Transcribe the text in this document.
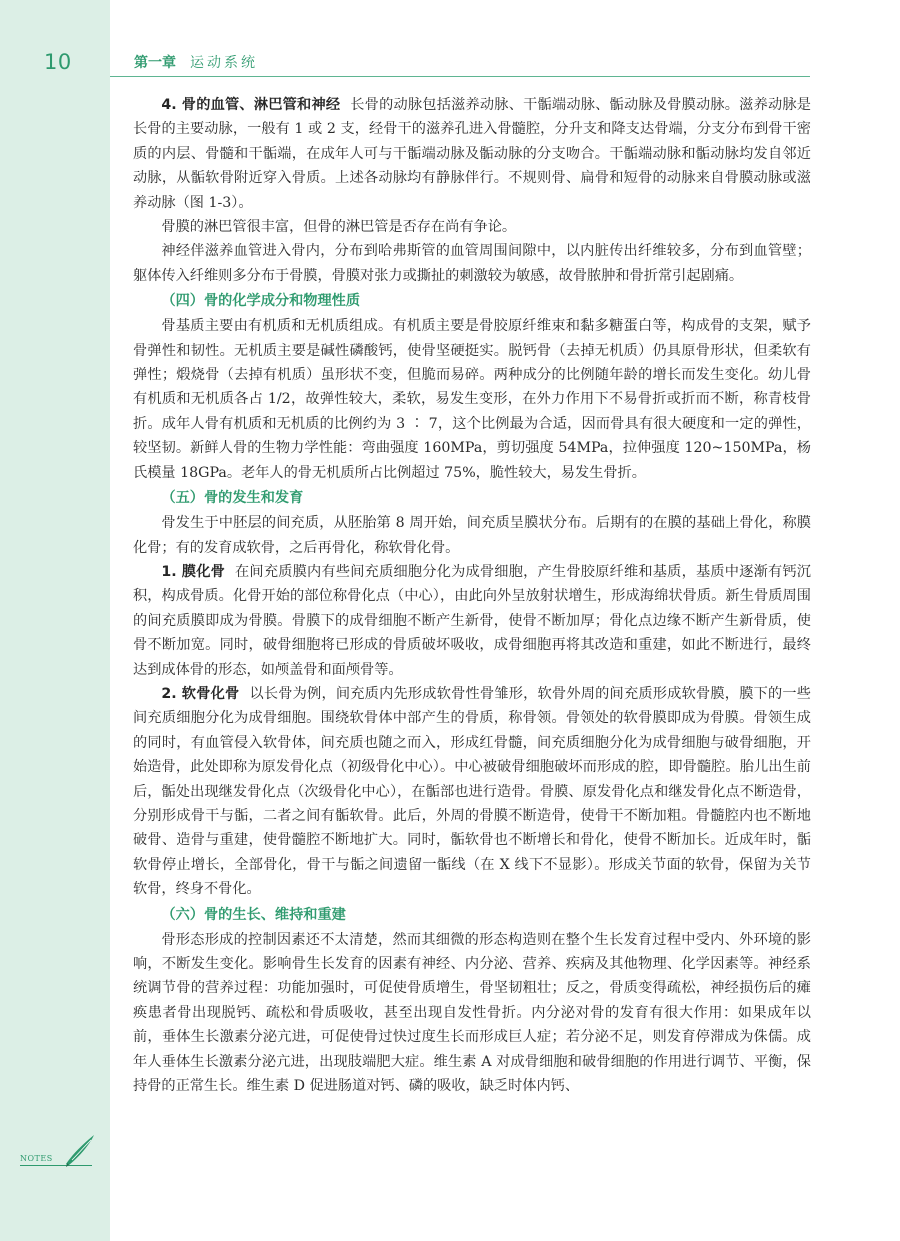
10	第一章 运动系统

4. 骨的血管、淋巴管和神经 长骨的动脉包括滋养动脉、干骺端动脉、骺动脉及骨膜动脉。滋养动脉是长骨的主要动脉，一般有 1 或 2 支，经骨干的滋养孔进入骨髓腔，分升支和降支达骨端，分支分布到骨干密质的内层、骨髓和干骺端，在成年人可与干骺端动脉及骺动脉的分支吻合。干骺端动脉和骺动脉均发自邻近动脉，从骺软骨附近穿入骨质。上述各动脉均有静脉伴行。不规则骨、扁骨和短骨的动脉来自骨膜动脉或滋养动脉（图 1-3）。

骨膜的淋巴管很丰富，但骨的淋巴管是否存在尚有争论。

神经伴滋养血管进入骨内，分布到哈弗斯管的血管周围间隙中，以内脏传出纤维较多，分布到血管壁；躯体传入纤维则多分布于骨膜，骨膜对张力或撕扯的刺激较为敏感，故骨脓肿和骨折常引起剧痛。

（四）骨的化学成分和物理性质

骨基质主要由有机质和无机质组成。有机质主要是骨胶原纤维束和黏多糖蛋白等，构成骨的支架，赋予骨弹性和韧性。无机质主要是碱性磷酸钙，使骨坚硬挺实。脱钙骨（去掉无机质）仍具原骨形状，但柔软有弹性；煅烧骨（去掉有机质）虽形状不变，但脆而易碎。两种成分的比例随年龄的增长而发生变化。幼儿骨有机质和无机质各占 1/2，故弹性较大，柔软，易发生变形，在外力作用下不易骨折或折而不断，称青枝骨折。成年人骨有机质和无机质的比例约为 3 ∶ 7，这个比例最为合适，因而骨具有很大硬度和一定的弹性，较坚韧。新鲜人骨的生物力学性能：弯曲强度 160MPa，剪切强度 54MPa，拉伸强度 120~150MPa，杨氏模量 18GPa。老年人的骨无机质所占比例超过 75%，脆性较大，易发生骨折。

（五）骨的发生和发育

骨发生于中胚层的间充质，从胚胎第 8 周开始，间充质呈膜状分布。后期有的在膜的基础上骨化，称膜化骨；有的发育成软骨，之后再骨化，称软骨化骨。

1. 膜化骨 在间充质膜内有些间充质细胞分化为成骨细胞，产生骨胶原纤维和基质，基质中逐渐有钙沉积，构成骨质。化骨开始的部位称骨化点（中心），由此向外呈放射状增生，形成海绵状骨质。新生骨质周围的间充质膜即成为骨膜。骨膜下的成骨细胞不断产生新骨，使骨不断加厚；骨化点边缘不断产生新骨质，使骨不断加宽。同时，破骨细胞将已形成的骨质破坏吸收，成骨细胞再将其改造和重建，如此不断进行，最终达到成体骨的形态，如颅盖骨和面颅骨等。

2. 软骨化骨 以长骨为例，间充质内先形成软骨性骨雏形，软骨外周的间充质形成软骨膜，膜下的一些间充质细胞分化为成骨细胞。围绕软骨体中部产生的骨质，称骨领。骨领处的软骨膜即成为骨膜。骨领生成的同时，有血管侵入软骨体，间充质也随之而入，形成红骨髓，间充质细胞分化为成骨细胞与破骨细胞，开始造骨，此处即称为原发骨化点（初级骨化中心）。中心被破骨细胞破坏而形成的腔，即骨髓腔。胎儿出生前后，骺处出现继发骨化点（次级骨化中心），在骺部也进行造骨。骨膜、原发骨化点和继发骨化点不断造骨，分别形成骨干与骺，二者之间有骺软骨。此后，外周的骨膜不断造骨，使骨干不断加粗。骨髓腔内也不断地破骨、造骨与重建，使骨髓腔不断地扩大。同时，骺软骨也不断增长和骨化，使骨不断加长。近成年时，骺软骨停止增长，全部骨化，骨干与骺之间遗留一骺线（在 X 线下不显影）。形成关节面的软骨，保留为关节软骨，终身不骨化。

（六）骨的生长、维持和重建

骨形态形成的控制因素还不太清楚，然而其细微的形态构造则在整个生长发育过程中受内、外环境的影响，不断发生变化。影响骨生长发育的因素有神经、内分泌、营养、疾病及其他物理、化学因素等。神经系统调节骨的营养过程：功能加强时，可促使骨质增生，骨坚韧粗壮；反之，骨质变得疏松，神经损伤后的瘫痪患者骨出现脱钙、疏松和骨质吸收，甚至出现自发性骨折。内分泌对骨的发育有很大作用：如果成年以前，垂体生长激素分泌亢进，可促使骨过快过度生长而形成巨人症；若分泌不足，则发育停滞成为侏儒。成年人垂体生长激素分泌亢进，出现肢端肥大症。维生素 A 对成骨细胞和破骨细胞的作用进行调节、平衡，保持骨的正常生长。维生素 D 促进肠道对钙、磷的吸收，缺乏时体内钙、

NOTES
